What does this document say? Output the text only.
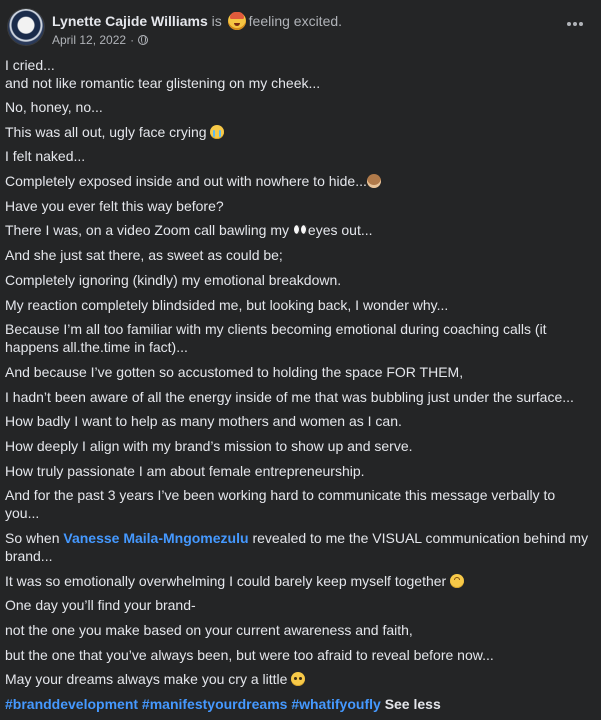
Lynette Cajide Williams is feeling excited.
April 12, 2022 ·
I cried...
and not like romantic tear glistening on my cheek...
No, honey, no...
This was all out, ugly face crying
I felt naked...
Completely exposed inside and out with nowhere to hide...
Have you ever felt this way before?
There I was, on a video Zoom call bawling my eyes out...
And she just sat there, as sweet as could be;
Completely ignoring (kindly) my emotional breakdown.
My reaction completely blindsided me, but looking back, I wonder why...
Because I’m all too familiar with my clients becoming emotional during coaching calls (it happens all.the.time in fact)...
And because I’ve gotten so accustomed to holding the space FOR THEM,
I hadn’t been aware of all the energy inside of me that was bubbling just under the surface...
How badly I want to help as many mothers and women as I can.
How deeply I align with my brand’s mission to show up and serve.
How truly passionate I am about female entrepreneurship.
And for the past 3 years I’ve been working hard to communicate this message verbally to you...
So when Vanesse Maila-Mngomezulu revealed to me the VISUAL communication behind my brand...
It was so emotionally overwhelming I could barely keep myself together
One day you’ll find your brand-
not the one you make based on your current awareness and faith,
but the one that you’ve always been, but were too afraid to reveal before now...
May your dreams always make you cry a little
#branddevelopment #manifestyourdreams #whatifyoufly See less
